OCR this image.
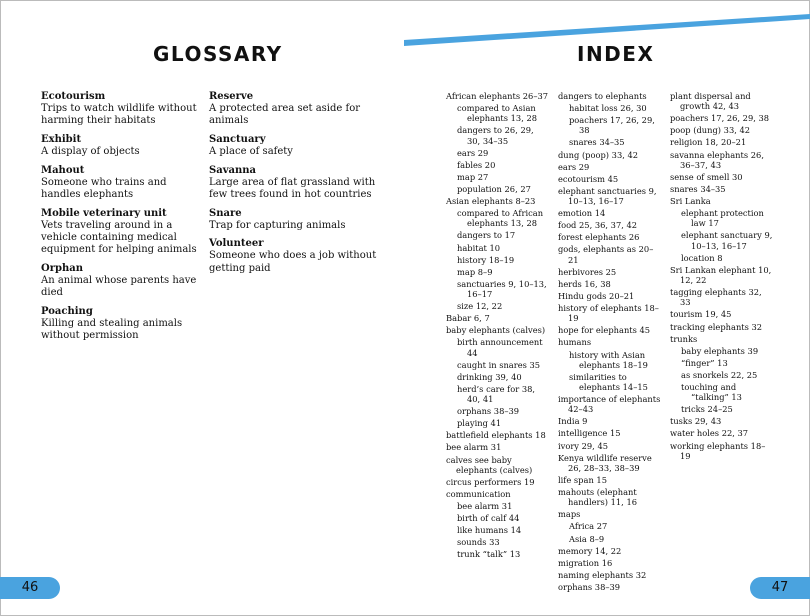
GLOSSARY	INDEX
Ecotourism
Trips to watch wildlife without harming their habitats
Exhibit
A display of objects
Mahout
Someone who trains and handles elephants
Mobile veterinary unit
Vets traveling around in a vehicle containing medical equipment for helping animals
Orphan
An animal whose parents have died
Poaching
Killing and stealing animals without permission
Reserve
A protected area set aside for animals
Sanctuary
A place of safety
Savanna
Large area of flat grassland with few trees found in hot countries
Snare
Trap for capturing animals
Volunteer
Someone who does a job without getting paid
African elephants 26–37
compared to Asian elephants 13, 28
dangers to 26, 29, 30, 34–35
ears 29
fables 20
map 27
population 26, 27
Asian elephants 8–23
compared to African elephants 13, 28
dangers to 17
habitat 10
history 18–19
map 8–9
sanctuaries 9, 10–13, 16–17
size 12, 22
Babar 6, 7
baby elephants (calves)
birth announcement 44
caught in snares 35
drinking 39, 40
herd’s care for 38, 40, 41
orphans 38–39
playing 41
battlefield elephants 18
bee alarm 31
calves see baby elephants (calves)
circus performers 19
communication
bee alarm 31
birth of calf 44
like humans 14
sounds 33
trunk “talk” 13
dangers to elephants
habitat loss 26, 30
poachers 17, 26, 29, 38
snares 34–35
dung (poop) 33, 42
ears 29
ecotourism 45
elephant sanctuaries 9, 10–13, 16–17
emotion 14
food 25, 36, 37, 42
forest elephants 26
gods, elephants as 20–21
herbivores 25
herds 16, 38
Hindu gods 20–21
history of elephants 18–19
hope for elephants 45
humans
history with Asian elephants 18–19
similarities to elephants 14–15
importance of elephants 42–43
India 9
intelligence 15
ivory 29, 45
Kenya wildlife reserve 26, 28–33, 38–39
life span 15
mahouts (elephant handlers) 11, 16
maps
Africa 27
Asia 8–9
memory 14, 22
migration 16
naming elephants 32
orphans 38–39
plant dispersal and growth 42, 43
poachers 17, 26, 29, 38
poop (dung) 33, 42
religion 18, 20–21
savanna elephants 26, 36–37, 43
sense of smell 30
snares 34–35
Sri Lanka
elephant protection law 17
elephant sanctuary 9, 10–13, 16–17
location 8
Sri Lankan elephant 10, 12, 22
tagging elephants 32, 33
tourism 19, 45
tracking elephants 32
trunks
baby elephants 39
“finger” 13
as snorkels 22, 25
touching and “talking” 13
tricks 24–25
tusks 29, 43
water holes 22, 37
working elephants 18–19
46	47
